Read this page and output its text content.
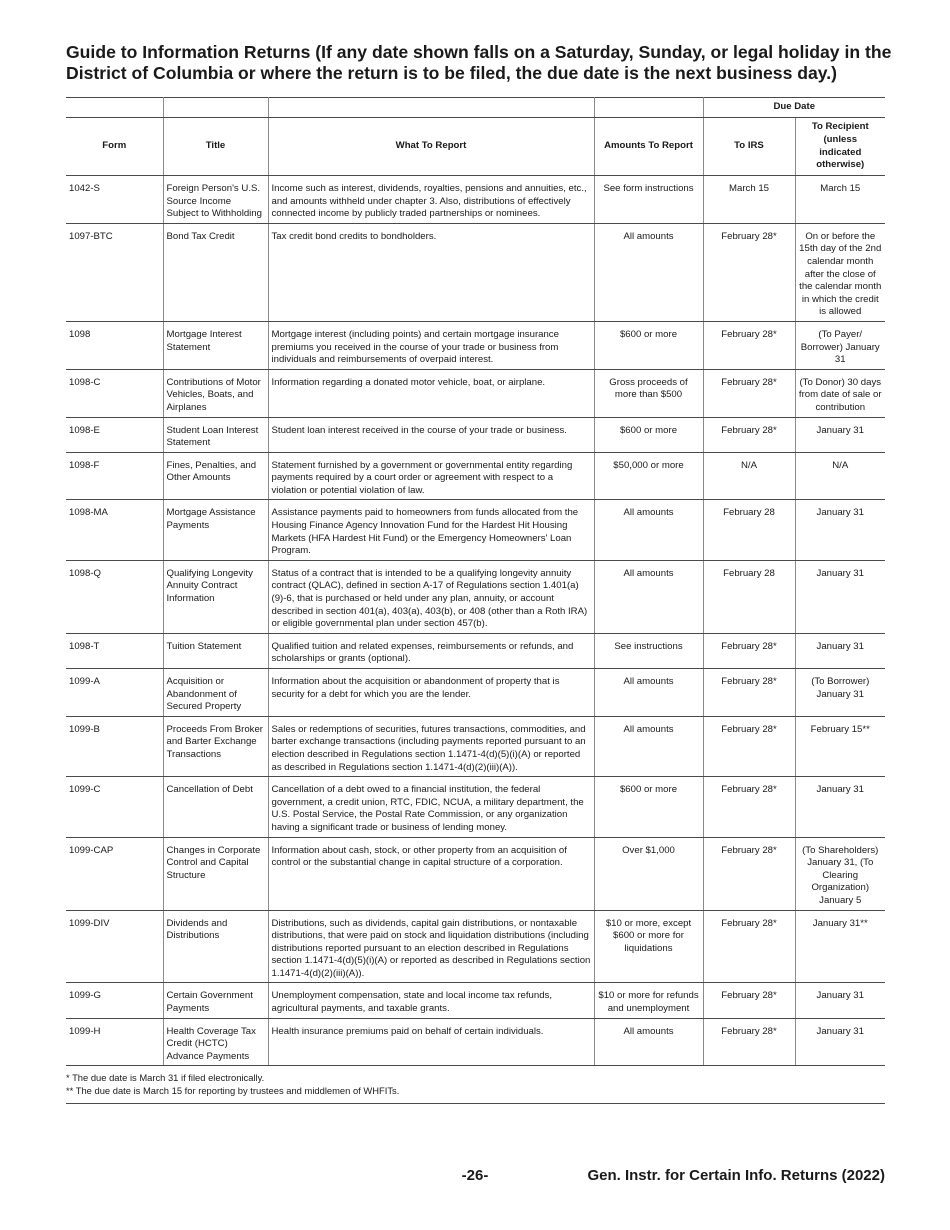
Guide to Information Returns (If any date shown falls on a Saturday, Sunday, or legal holiday in the District of Columbia or where the return is to be filed, the due date is the next business day.)
				Due Date	
Form	Title	What To Report	Amounts To Report	To IRS	To Recipient (unless indicated otherwise)
1042-S	Foreign Person's U.S. Source Income Subject to Withholding	Income such as interest, dividends, royalties, pensions and annuities, etc., and amounts withheld under chapter 3. Also, distributions of effectively connected income by publicly traded partnerships or nominees.	See form instructions	March 15	March 15
1097-BTC	Bond Tax Credit	Tax credit bond credits to bondholders.	All amounts	February 28*	On or before the 15th day of the 2nd calendar month after the close of the calendar month in which the credit is allowed
1098	Mortgage Interest Statement	Mortgage interest (including points) and certain mortgage insurance premiums you received in the course of your trade or business from individuals and reimbursements of overpaid interest.	$600 or more	February 28*	(To Payer/ Borrower) January 31
1098-C	Contributions of Motor Vehicles, Boats, and Airplanes	Information regarding a donated motor vehicle, boat, or airplane.	Gross proceeds of more than $500	February 28*	(To Donor) 30 days from date of sale or contribution
1098-E	Student Loan Interest Statement	Student loan interest received in the course of your trade or business.	$600 or more	February 28*	January 31
1098-F	Fines, Penalties, and Other Amounts	Statement furnished by a government or governmental entity regarding payments required by a court order or agreement with respect to a violation or potential violation of law.	$50,000 or more	N/A	N/A
1098-MA	Mortgage Assistance Payments	Assistance payments paid to homeowners from funds allocated from the Housing Finance Agency Innovation Fund for the Hardest Hit Housing Markets (HFA Hardest Hit Fund) or the Emergency Homeowners' Loan Program.	All amounts	February 28	January 31
1098-Q	Qualifying Longevity Annuity Contract Information	Status of a contract that is intended to be a qualifying longevity annuity contract (QLAC), defined in section A-17 of Regulations section 1.401(a)(9)-6, that is purchased or held under any plan, annuity, or account described in section 401(a), 403(a), 403(b), or 408 (other than a Roth IRA) or eligible governmental plan under section 457(b).	All amounts	February 28	January 31
1098-T	Tuition Statement	Qualified tuition and related expenses, reimbursements or refunds, and scholarships or grants (optional).	See instructions	February 28*	January 31
1099-A	Acquisition or Abandonment of Secured Property	Information about the acquisition or abandonment of property that is security for a debt for which you are the lender.	All amounts	February 28*	(To Borrower) January 31
1099-B	Proceeds From Broker and Barter Exchange Transactions	Sales or redemptions of securities, futures transactions, commodities, and barter exchange transactions (including payments reported pursuant to an election described in Regulations section 1.1471-4(d)(5)(i)(A) or reported as described in Regulations section 1.1471-4(d)(2)(iii)(A)).	All amounts	February 28*	February 15**
1099-C	Cancellation of Debt	Cancellation of a debt owed to a financial institution, the federal government, a credit union, RTC, FDIC, NCUA, a military department, the U.S. Postal Service, the Postal Rate Commission, or any organization having a significant trade or business of lending money.	$600 or more	February 28*	January 31
1099-CAP	Changes in Corporate Control and Capital Structure	Information about cash, stock, or other property from an acquisition of control or the substantial change in capital structure of a corporation.	Over $1,000	February 28*	(To Shareholders) January 31, (To Clearing Organization) January 5
1099-DIV	Dividends and Distributions	Distributions, such as dividends, capital gain distributions, or nontaxable distributions, that were paid on stock and liquidation distributions (including distributions reported pursuant to an election described in Regulations section 1.1471-4(d)(5)(i)(A) or reported as described in Regulations section 1.1471-4(d)(2)(iii)(A)).	$10 or more, except $600 or more for liquidations	February 28*	January 31**
1099-G	Certain Government Payments	Unemployment compensation, state and local income tax refunds, agricultural payments, and taxable grants.	$10 or more for refunds and unemployment	February 28*	January 31
1099-H	Health Coverage Tax Credit (HCTC) Advance Payments	Health insurance premiums paid on behalf of certain individuals.	All amounts	February 28*	January 31
* The due date is March 31 if filed electronically.
** The due date is March 15 for reporting by trustees and middlemen of WHFITs.
-26-	Gen. Instr. for Certain Info. Returns (2022)
